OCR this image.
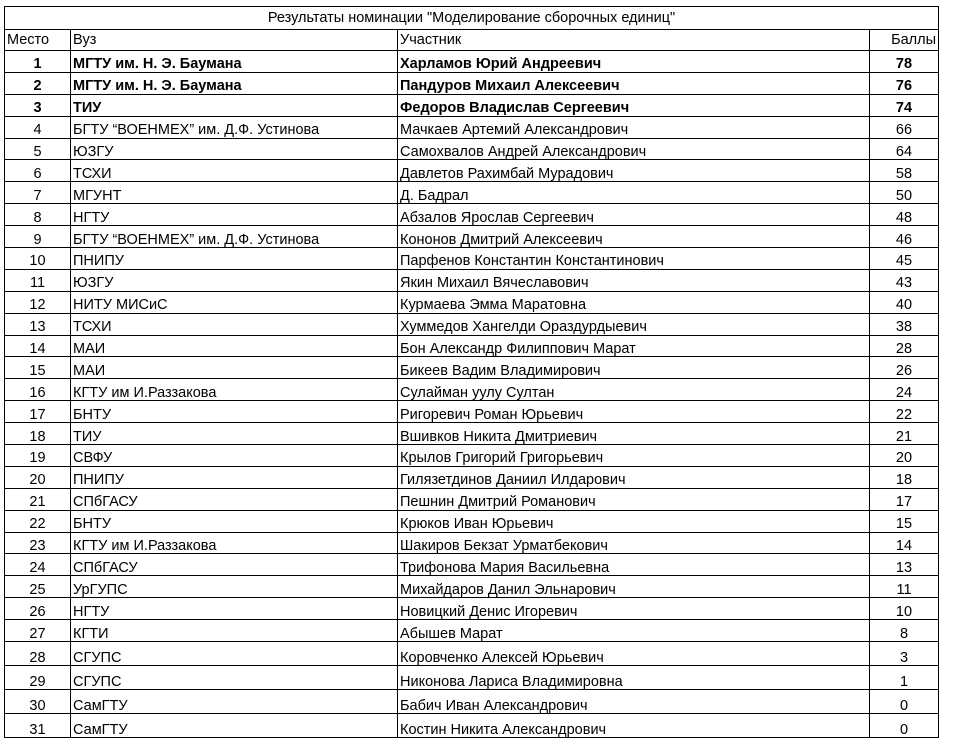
Результаты номинации "Моделирование сборочных единиц"			
Место	Вуз	Участник	Баллы
1	МГТУ им. Н. Э. Баумана	Харламов Юрий Андреевич	78
2	МГТУ им. Н. Э. Баумана	Пандуров Михаил Алексеевич	76
3	ТИУ	Федоров Владислав Сергеевич	74
4	БГТУ “ВОЕНМЕХ” им. Д.Ф. Устинова	Мачкаев Артемий Александрович	66
5	ЮЗГУ	Самохвалов Андрей Александрович	64
6	ТСХИ	Давлетов Рахимбай Мурадович	58
7	МГУНТ	Д. Бадрал	50
8	НГТУ	Абзалов Ярослав Сергеевич	48
9	БГТУ “ВОЕНМЕХ” им. Д.Ф. Устинова	Кононов Дмитрий Алексеевич	46
10	ПНИПУ	Парфенов Константин Константинович	45
11	ЮЗГУ	Якин Михаил Вячеславович	43
12	НИТУ МИСиС	Курмаева Эмма Маратовна	40
13	ТСХИ	Хуммедов Хангелди Ораздурдыевич	38
14	МАИ	Бон Александр Филиппович Марат	28
15	МАИ	Бикеев Вадим Владимирович	26
16	КГТУ им И.Раззакова	Сулайман уулу Султан	24
17	БНТУ	Ригоревич Роман Юрьевич	22
18	ТИУ	Вшивков Никита Дмитриевич	21
19	СВФУ	Крылов Григорий Григорьевич	20
20	ПНИПУ	Гилязетдинов Даниил Илдарович	18
21	СПбГАСУ	Пешнин Дмитрий Романович	17
22	БНТУ	Крюков Иван Юрьевич	15
23	КГТУ им И.Раззакова	Шакиров Бекзат Урматбекович	14
24	СПбГАСУ	Трифонова Мария Васильевна	13
25	УрГУПС	Михайдаров Данил Эльнарович	11
26	НГТУ	Новицкий Денис Игоревич	10
27	КГТИ	Абышев Марат	8
28	СГУПС	Коровченко Алексей Юрьевич	3
29	СГУПС	Никонова Лариса Владимировна	1
30	СамГТУ	Бабич Иван Александрович	0
31	СамГТУ	Костин Никита Александрович	0
